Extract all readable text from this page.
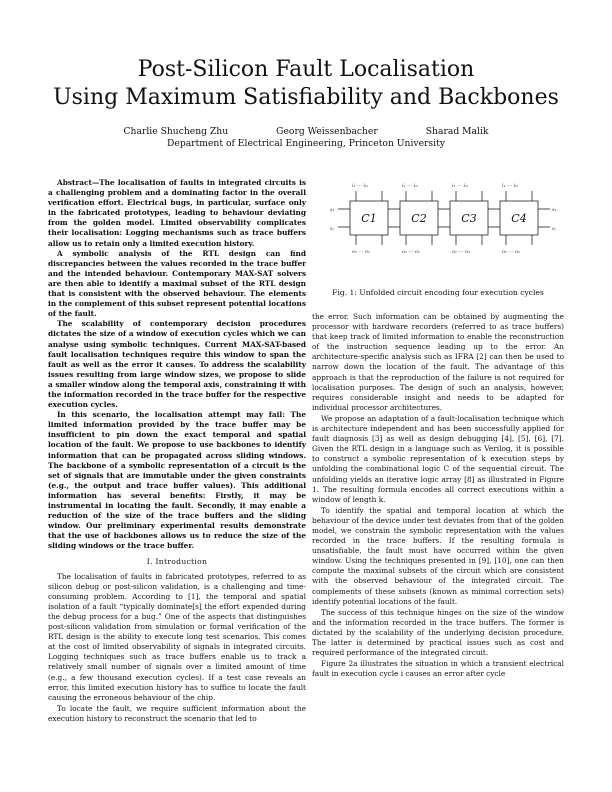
Post-Silicon Fault Localisation
Using Maximum Satisfiability and Backbones
Charlie Shucheng Zhu	Georg Weissenbacher	Sharad Malik
Department of Electrical Engineering, Princeton University

Abstract—The localisation of faults in integrated circuits is a challenging problem and a dominating factor in the overall verification effort. Electrical bugs, in particular, surface only in the fabricated prototypes, leading to behaviour deviating from the golden model. Limited observability complicates their localisation: Logging mechanisms such as trace buffers allow us to retain only a limited execution history.

A symbolic analysis of the RTL design can find discrepancies between the values recorded in the trace buffer and the intended behaviour. Contemporary MAX-SAT solvers are then able to identify a maximal subset of the RTL design that is consistent with the observed behaviour. The elements in the complement of this subset represent potential locations of the fault.

The scalability of contemporary decision procedures dictates the size of a window of execution cycles which we can analyse using symbolic techniques. Current MAX-SAT-based fault localisation techniques require this window to span the fault as well as the error it causes. To address the scalability issues resulting from large window sizes, we propose to slide a smaller window along the temporal axis, constraining it with the information recorded in the trace buffer for the respective execution cycles.

In this scenario, the localisation attempt may fail: The limited information provided by the trace buffer may be insufficient to pin down the exact temporal and spatial location of the fault. We propose to use backbones to identify information that can be propagated across sliding windows. The backbone of a symbolic representation of a circuit is the set of signals that are immutable under the given constraints (e.g., the output and trace buffer values). This additional information has several benefits: Firstly, it may be instrumental in locating the fault. Secondly, it may enable a reduction of the size of the trace buffers and the sliding window. Our preliminary experimental results demonstrate that the use of backbones allows us to reduce the size of the sliding windows or the trace buffer.

I. Introduction

The localisation of faults in fabricated prototypes, referred to as silicon debug or post-silicon validation, is a challenging and time-consuming problem. According to [1], the temporal and spatial isolation of a fault “typically dominate[s] the effort expended during the debug process for a bug.” One of the aspects that distinguishes post-silicon validation from simulation or formal verification of the RTL design is the ability to execute long test scenarios. This comes at the cost of limited observability of signals in integrated circuits. Logging techniques such as trace buffers enable us to track a relatively small number of signals over a limited amount of time (e.g., a few thousand execution cycles). If a test case reveals an error, this limited execution history has to suffice to locate the fault causing the erroneous behaviour of the chip.

To locate the fault, we require sufficient information about the execution history to reconstruct the scenario that led to

C1	C2	C3	C4
i₁ ··· iₘ	i₁ ··· iₘ	i₁ ··· iₘ	i₁ ··· iₘ
o₁ ··· oₙ	o₁ ··· oₙ	o₁ ··· oₙ	o₁ ··· oₙ
s₁
sⱼ
s₁
sⱼ
Fig. 1: Unfolded circuit encoding four execution cycles

the error. Such information can be obtained by augmenting the processor with hardware recorders (referred to as trace buffers) that keep track of limited information to enable the reconstruction of the instruction sequence leading up to the error. An architecture-specific analysis such as IFRA [2] can then be used to narrow down the location of the fault. The advantage of this approach is that the reproduction of the failure is not required for localisation purposes. The design of such an analysis, however, requires considerable insight and needs to be adapted for individual processor architectures.

We propose an adaptation of a fault-localisation technique which is architecture independent and has been successfully applied for fault diagnosis [3] as well as design debugging [4], [5], [6], [7]. Given the RTL design in a language such as Verilog, it is possible to construct a symbolic representation of k execution steps by unfolding the combinational logic C of the sequential circuit. The unfolding yields an iterative logic array [8] as illustrated in Figure 1. The resulting formula encodes all correct executions within a window of length k.

To identify the spatial and temporal location at which the behaviour of the device under test deviates from that of the golden model, we constrain the symbolic representation with the values recorded in the trace buffers. If the resulting formula is unsatisfiable, the fault must have occurred within the given window. Using the techniques presented in [9], [10], one can then compute the maximal subsets of the circuit which are consistent with the observed behaviour of the integrated circuit. The complements of these subsets (known as minimal correction sets) identify potential locations of the fault.

The success of this technique hinges on the size of the window and the information recorded in the trace buffers. The former is dictated by the scalability of the underlying decision procedure. The latter is determined by practical issues such as cost and required performance of the integrated circuit.

Figure 2a illustrates the situation in which a transient electrical fault in execution cycle i causes an error after cycle
